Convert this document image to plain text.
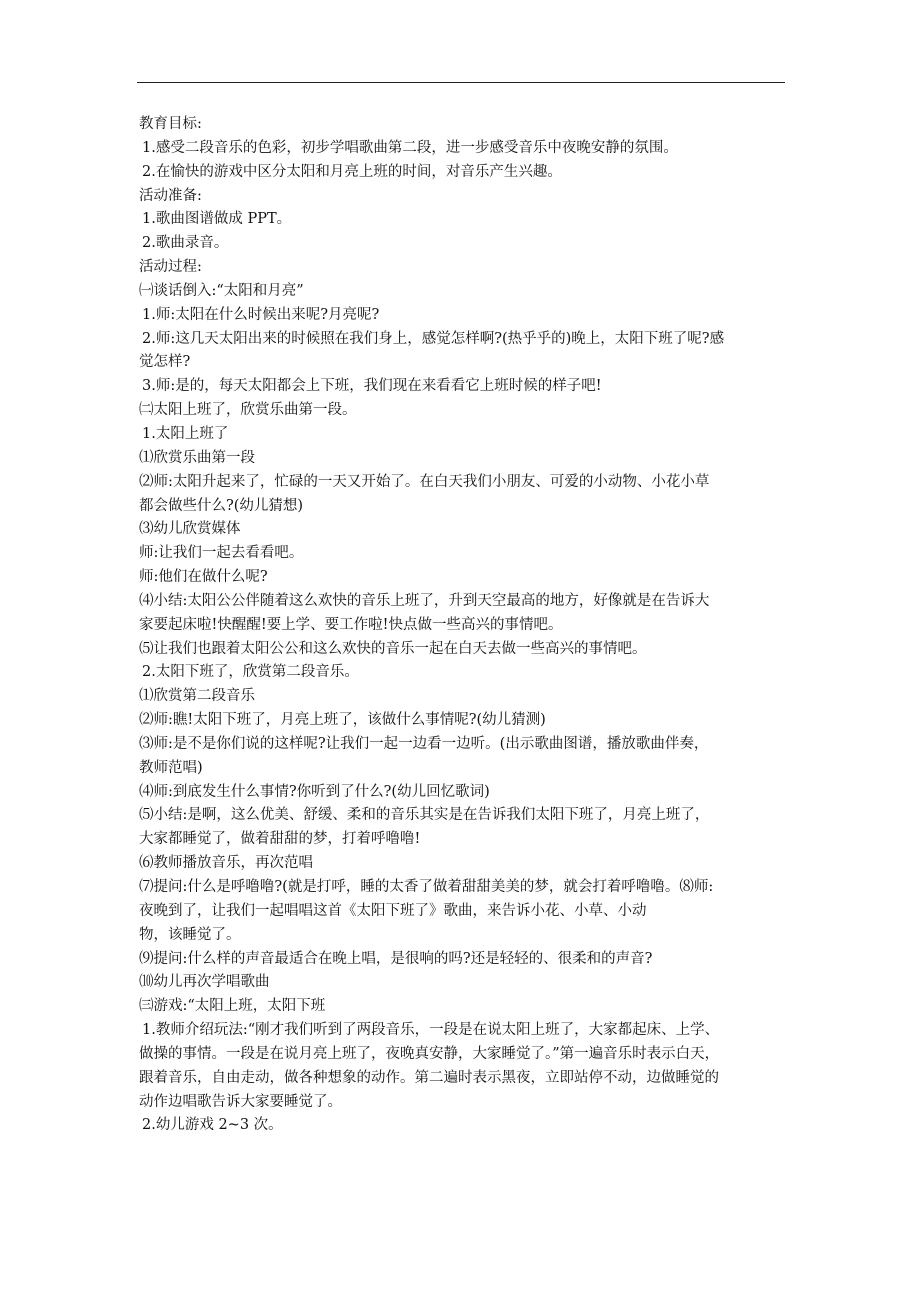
教育目标:
1.感受二段音乐的色彩，初步学唱歌曲第二段，进一步感受音乐中夜晚安静的氛围。
2.在愉快的游戏中区分太阳和月亮上班的时间，对音乐产生兴趣。
活动准备:
1.歌曲图谱做成 PPT。
2.歌曲录音。
活动过程:
㈠谈话倒入:“太阳和月亮”
1.师:太阳在什么时候出来呢?月亮呢?
2.师:这几天太阳出来的时候照在我们身上，感觉怎样啊?(热乎乎的)晚上，太阳下班了呢?感
觉怎样?
3.师:是的，每天太阳都会上下班，我们现在来看看它上班时候的样子吧!
㈡太阳上班了，欣赏乐曲第一段。
1.太阳上班了
⑴欣赏乐曲第一段
⑵师:太阳升起来了，忙碌的一天又开始了。在白天我们小朋友、可爱的小动物、小花小草
都会做些什么?(幼儿猜想)
⑶幼儿欣赏媒体
师:让我们一起去看看吧。
师:他们在做什么呢?
⑷小结:太阳公公伴随着这么欢快的音乐上班了，升到天空最高的地方，好像就是在告诉大
家要起床啦!快醒醒!要上学、要工作啦!快点做一些高兴的事情吧。
⑸让我们也跟着太阳公公和这么欢快的音乐一起在白天去做一些高兴的事情吧。
2.太阳下班了，欣赏第二段音乐。
⑴欣赏第二段音乐
⑵师:瞧!太阳下班了，月亮上班了，该做什么事情呢?(幼儿猜测)
⑶师:是不是你们说的这样呢?让我们一起一边看一边听。(出示歌曲图谱，播放歌曲伴奏，
教师范唱)
⑷师:到底发生什么事情?你听到了什么?(幼儿回忆歌词)
⑸小结:是啊，这么优美、舒缓、柔和的音乐其实是在告诉我们太阳下班了，月亮上班了，
大家都睡觉了，做着甜甜的梦，打着呼噜噜!
⑹教师播放音乐，再次范唱
⑺提问:什么是呼噜噜?(就是打呼，睡的太香了做着甜甜美美的梦，就会打着呼噜噜。⑻师:
夜晚到了，让我们一起唱唱这首《太阳下班了》歌曲，来告诉小花、小草、小动
物，该睡觉了。
⑼提问:什么样的声音最适合在晚上唱，是很响的吗?还是轻轻的、很柔和的声音?
⑽幼儿再次学唱歌曲
㈢游戏:“太阳上班，太阳下班
1.教师介绍玩法:“刚才我们听到了两段音乐，一段是在说太阳上班了，大家都起床、上学、
做操的事情。一段是在说月亮上班了，夜晚真安静，大家睡觉了。”第一遍音乐时表示白天，
跟着音乐，自由走动，做各种想象的动作。第二遍时表示黑夜，立即站停不动，边做睡觉的
动作边唱歌告诉大家要睡觉了。
2.幼儿游戏 2~3 次。
